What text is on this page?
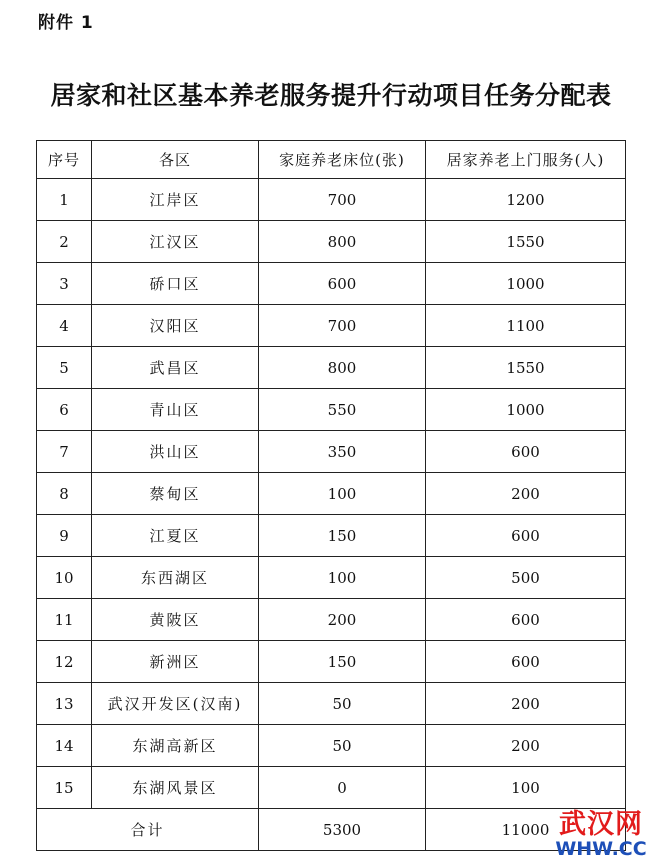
附件 1
居家和社区基本养老服务提升行动项目任务分配表
序号	各区	家庭养老床位(张)	居家养老上门服务(人)
1	江岸区	700	1200
2	江汉区	800	1550
3	硚口区	600	1000
4	汉阳区	700	1100
5	武昌区	800	1550
6	青山区	550	1000
7	洪山区	350	600
8	蔡甸区	100	200
9	江夏区	150	600
10	东西湖区	100	500
11	黄陂区	200	600
12	新洲区	150	600
13	武汉开发区(汉南)	50	200
14	东湖高新区	50	200
15	东湖风景区	0	100
合计		5300	11000 武汉网
WHW.CC
